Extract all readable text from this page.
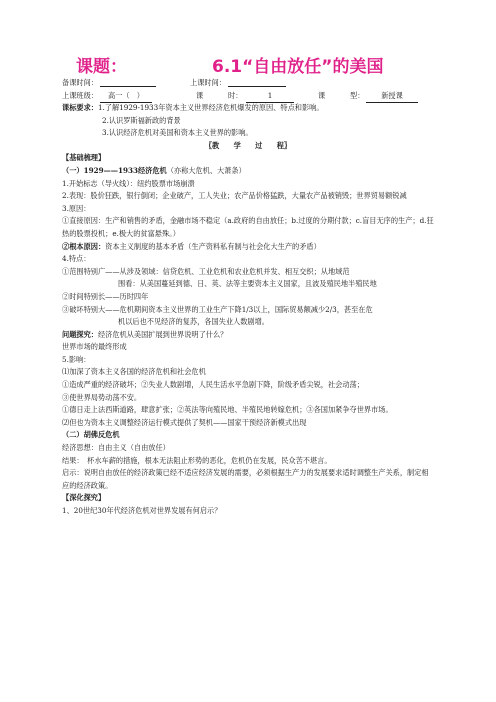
课题：	6.1“自由放任”的美国
备课时间：	上课时间：
上课班级：	高一（　）	课	时：	1	课	型：	新授课
课标要求：1.了解1929-1933年资本主义世界经济危机爆发的原因、特点和影响。
2.认识罗斯福新政的背景
3.认识经济危机对美国和资本主义世界的影响。
〖教　　学　　过　　程〗
【基础梳理】
（一）1929——1933经济危机（亦称大危机、大萧条）
1.开始标志（导火线）：纽约股票市场崩溃
2.表现：股价狂跌，银行倒闭；企业破产，工人失业；农产品价格猛跌，大量农产品被销毁；世界贸易额锐减
3.原因：
①直接原因：生产和销售的矛盾，金融市场不稳定（a.政府的自由放任；b.过度的分期付款；c.盲目无序的生产；d.狂热的股票投机；e.极大的贫富悬殊。）
②根本原因：资本主义制度的基本矛盾（生产资料私有制与社会化大生产的矛盾）
4.特点：
①范围特别广——从涉及领域：信贷危机、工业危机和农业危机并发、相互交织；从地域范
围看：从美国蔓延到德、日、英、法等主要资本主义国家，且波及殖民地半殖民地
②时间特别长——历时四年
③破坏特别大——危机期间资本主义世界的工业生产下降1/3以上，国际贸易额减少2/3，甚至在危
机以后也不见经济的复苏，各国失业人数剧增。
问题探究：经济危机从美国扩展到世界说明了什么？
世界市场的最终形成
5.影响：
⑴加深了资本主义各国的经济危机和社会危机
①造成严重的经济破坏；②失业人数剧增，人民生活水平急剧下降，阶级矛盾尖锐，社会动荡；
③使世界局势动荡不安。
①德日走上法西斯道路，肆意扩张；②英法等向殖民地、半殖民地转嫁危机；③各国加紧争夺世界市场。
⑵但也为资本主义调整经济运行模式提供了契机——国家干预经济新模式出现
（二）胡佛反危机
经济思想：自由主义（自由放任）
结果：　杯水车薪的措施，根本无法阻止形势的恶化，危机仍在发展，民众苦不堪言。
启示：说明自由放任的经济政策已经不适应经济发展的需要，必须根据生产力的发展要求适时调整生产关系，制定相应的经济政策。
【深化探究】
1、20世纪30年代经济危机对世界发展有何启示？
